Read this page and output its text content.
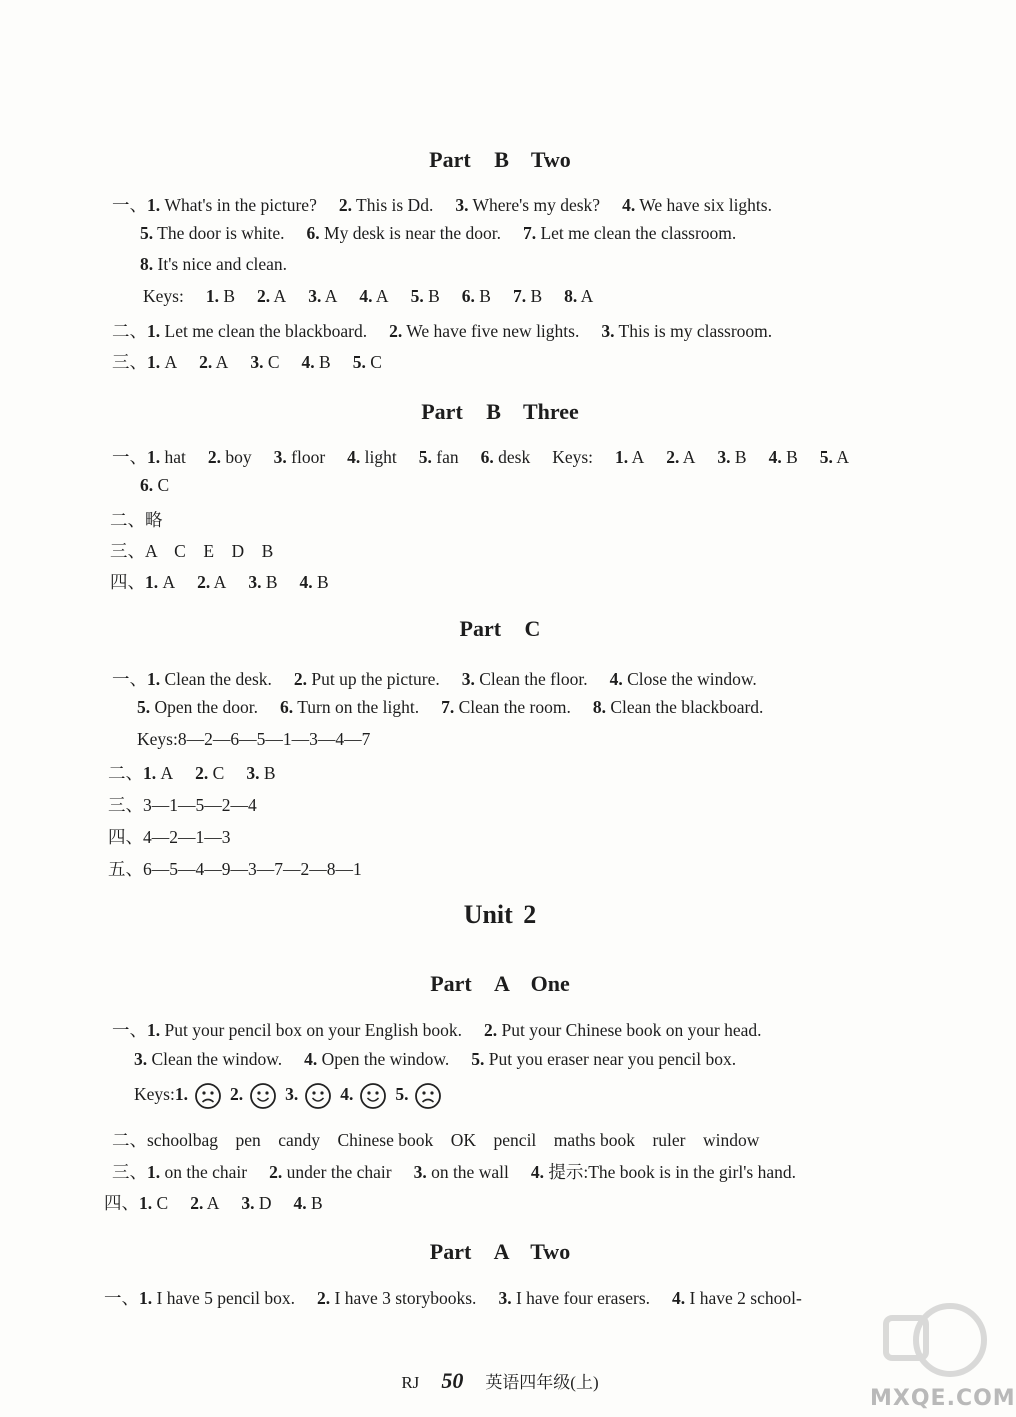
Part B　Two
一、1. What's in the picture? 2. This is Dd. 3. Where's my desk? 4. We have six lights.
5. The door is white. 6. My desk is near the door. 7. Let me clean the classroom.
8. It's nice and clean.
Keys: 1. B 2. A 3. A 4. A 5. B 6. B 7. B 8. A
二、1. Let me clean the blackboard. 2. We have five new lights. 3. This is my classroom.
三、1. A 2. A 3. C 4. B 5. C
Part B　Three
一、1. hat 2. boy 3. floor 4. light 5. fan 6. desk Keys: 1. A 2. A 3. B 4. B 5. A
6. C
二、略
三、A　C　E　D　B
四、1. A 2. A 3. B 4. B
Part C
一、1. Clean the desk. 2. Put up the picture. 3. Clean the floor. 4. Close the window.
5. Open the door. 6. Turn on the light. 7. Clean the room. 8. Clean the blackboard.
Keys:8—2—6—5—1—3—4—7
二、1. A 2. C 3. B
三、3—1—5—2—4
四、4—2—1—3
五、6—5—4—9—3—7—2—8—1
Unit 2
Part A　One
一、1. Put your pencil box on your English book. 2. Put your Chinese book on your head.
3. Clean the window. 4. Open the window. 5. Put you eraser near you pencil box.
Keys:1. 2. 3. 4. 5.
二、schoolbag　pen　candy　Chinese book　OK　pencil　maths book　ruler　window
三、1. on the chair 2. under the chair 3. on the wall 4. 提示:The book is in the girl's hand.
四、1. C 2. A 3. D 4. B
Part A　Two
一、1. I have 5 pencil box. 2. I have 3 storybooks. 3. I have four erasers. 4. I have 2 school-
RJ 50 英语四年级(上)
MXQE.COM
